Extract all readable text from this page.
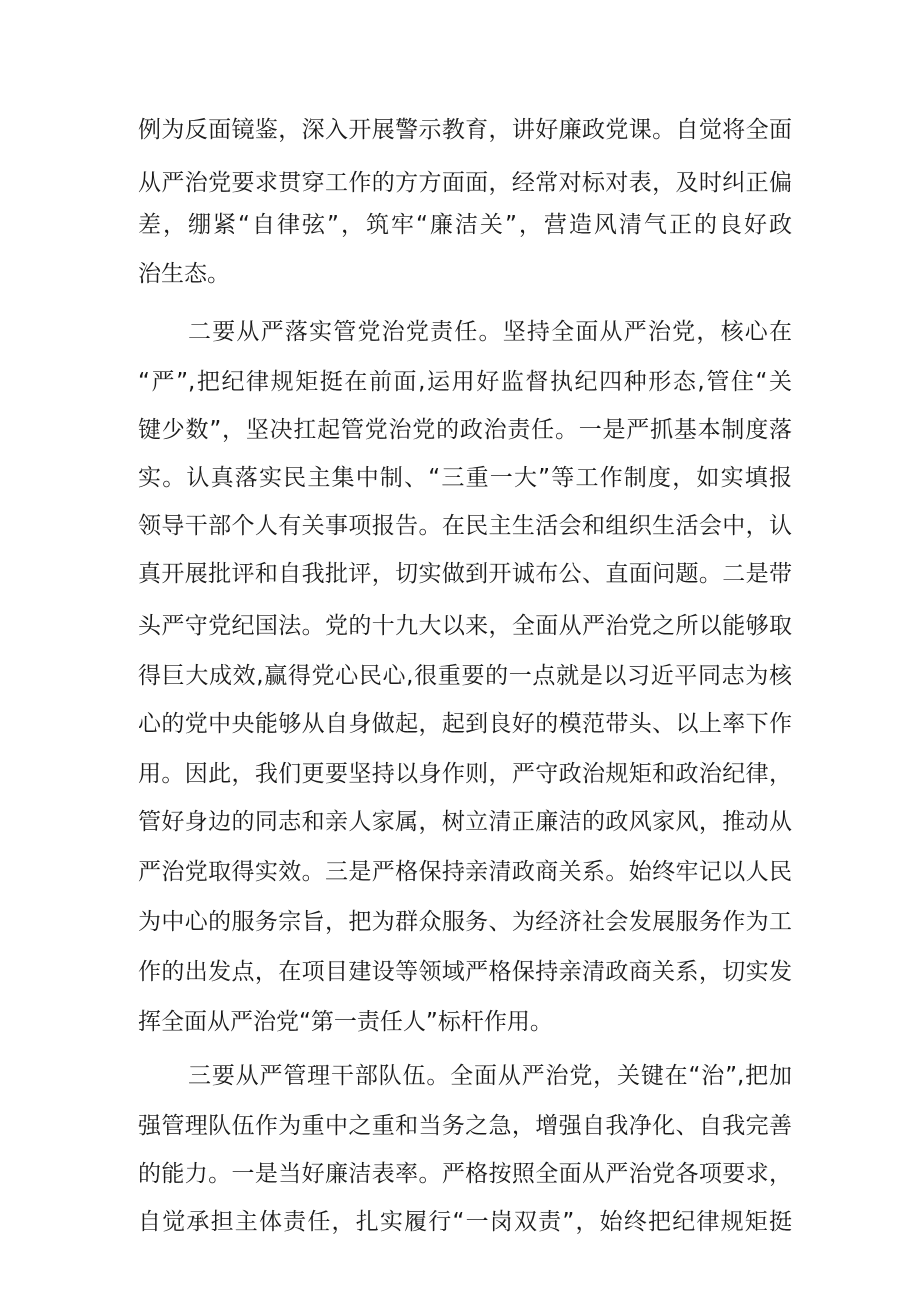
例为反面镜鉴，深入开展警示教育，讲好廉政党课。自觉将全面
从严治党要求贯穿工作的方方面面，经常对标对表，及时纠正偏
差，绷紧“自律弦”，筑牢“廉洁关”，营造风清气正的良好政
治生态。
二要从严落实管党治党责任。坚持全面从严治党，核心在
“严”,把纪律规矩挺在前面,运用好监督执纪四种形态,管住“关
键少数”，坚决扛起管党治党的政治责任。一是严抓基本制度落
实。认真落实民主集中制、“三重一大”等工作制度，如实填报
领导干部个人有关事项报告。在民主生活会和组织生活会中，认
真开展批评和自我批评，切实做到开诚布公、直面问题。二是带
头严守党纪国法。党的十九大以来，全面从严治党之所以能够取
得巨大成效,赢得党心民心,很重要的一点就是以习近平同志为核
心的党中央能够从自身做起，起到良好的模范带头、以上率下作
用。因此，我们更要坚持以身作则，严守政治规矩和政治纪律，
管好身边的同志和亲人家属，树立清正廉洁的政风家风，推动从
严治党取得实效。三是严格保持亲清政商关系。始终牢记以人民
为中心的服务宗旨，把为群众服务、为经济社会发展服务作为工
作的出发点，在项目建设等领域严格保持亲清政商关系，切实发
挥全面从严治党“第一责任人”标杆作用。
三要从严管理干部队伍。全面从严治党，关键在“治”,把加
强管理队伍作为重中之重和当务之急，增强自我净化、自我完善
的能力。一是当好廉洁表率。严格按照全面从严治党各项要求，
自觉承担主体责任，扎实履行“一岗双责”，始终把纪律规矩挺
